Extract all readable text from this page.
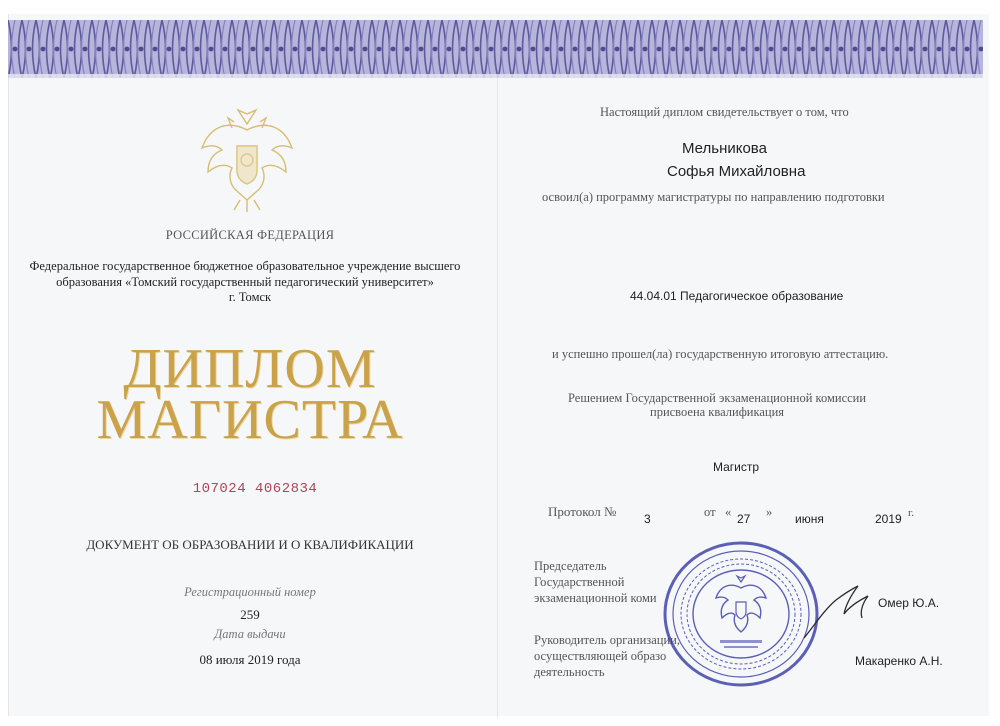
РОССИЙСКАЯ ФЕДЕРАЦИЯ
Федеральное государственное бюджетное образовательное учреждение высшего
образования «Томский государственный педагогический университет»
г. Томск
ДИПЛОМ
МАГИСТРА
107024 4062834
ДОКУМЕНТ ОБ ОБРАЗОВАНИИ И О КВАЛИФИКАЦИИ
Регистрационный номер
259
Дата выдачи
08 июля 2019 года
Настоящий диплом свидетельствует о том, что
Мельникова
Софья Михайловна
освоил(а) программу магистратуры по направлению подготовки
44.04.01 Педагогическое образование
и успешно прошел(ла) государственную итоговую аттестацию.
Решением Государственной экзаменационной комиссии
присвоена квалификация
Магистр
Протокол № 3	от « 27 » июня	2019 г.
Председатель Государственной экзаменационной коми	Омер Ю.А.
Руководитель организации, осуществляющей образо деятельность
Макаренко А.Н.
